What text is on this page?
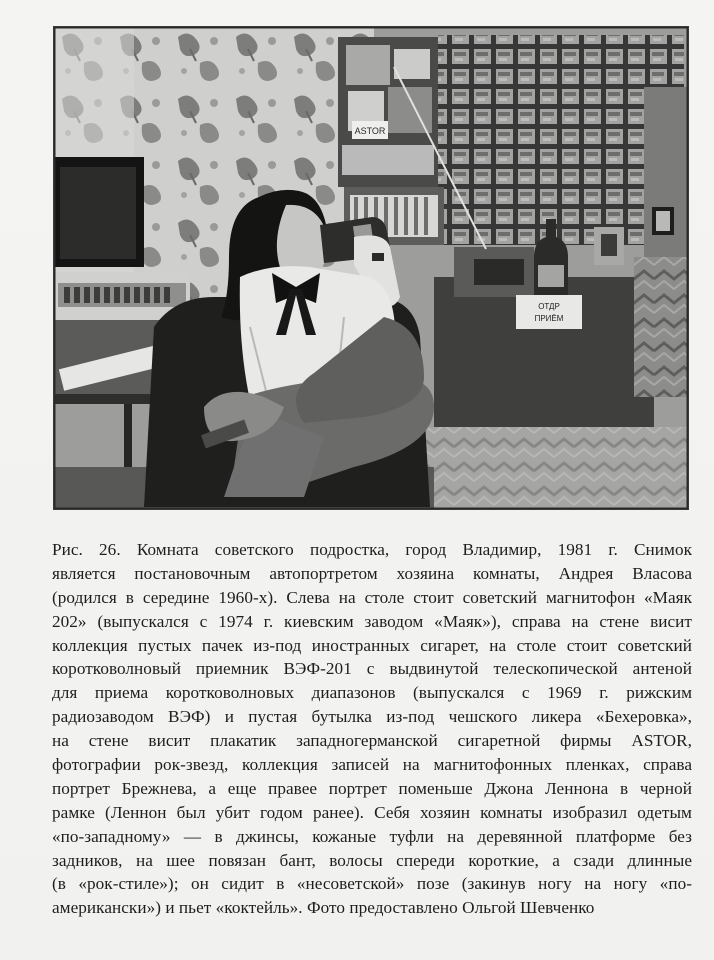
ASTOR
ОТДР
ПРИЁМ
Рис. 26. Комната советского подростка, город Владимир, 1981 г. Снимок
является постановочным автопортретом хозяина комнаты, Андрея Власова
(родился в середине 1960-х). Слева на столе стоит советский магнитофон «Маяк
202» (выпускался с 1974 г. киевским заводом «Маяк»), справа на стене висит
коллекция пустых пачек из-под иностранных сигарет, на столе стоит советский
коротковолновый приемник ВЭФ-201 с выдвинутой телескопической антеной
для приема коротковолновых диапазонов (выпускался с 1969 г. рижским
радиозаводом ВЭФ) и пустая бутылка из-под чешского ликера «Бехеровка»,
на стене висит плакатик западногерманской сигаретной фирмы ASTOR,
фотографии рок-звезд, коллекция записей на магнитофонных пленках, справа
портрет Брежнева, а еще правее портрет поменьше Джона Леннона в черной
рамке (Леннон был убит годом ранее). Себя хозяин комнаты изобразил одетым
«по-западному» — в джинсы, кожаные туфли на деревянной платформе без
задников, на шее повязан бант, волосы спереди короткие, а сзади длинные
(в «рок-стиле»); он сидит в «несоветской» позе (закинув ногу на ногу «по-
американски») и пьет «коктейль». Фото предоставлено Ольгой Шевченко
